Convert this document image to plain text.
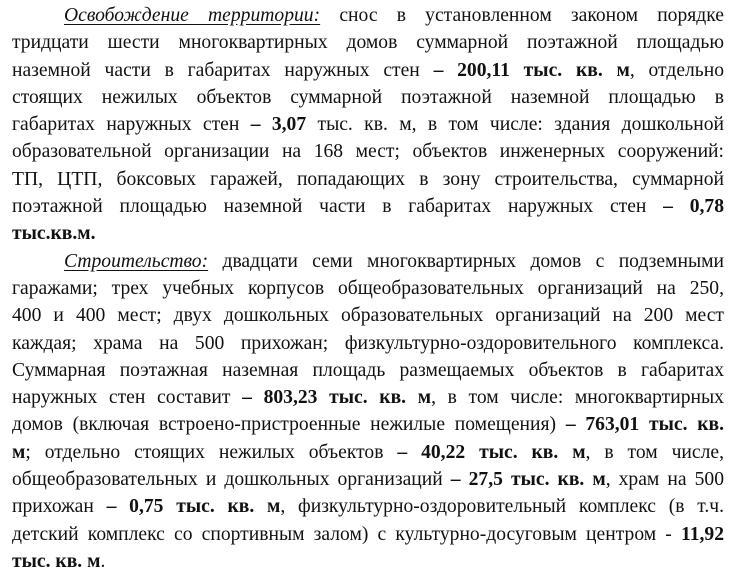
Освобождение территории: снос в установленном законом порядке
тридцати шести многоквартирных домов суммарной поэтажной площадью
наземной части в габаритах наружных стен – 200,11 тыс. кв. м, отдельно
стоящих нежилых объектов суммарной поэтажной наземной площадью в
габаритах наружных стен – 3,07 тыс. кв. м, в том числе: здания дошкольной
образовательной организации на 168 мест; объектов инженерных сооружений:
ТП, ЦТП, боксовых гаражей, попадающих в зону строительства, суммарной
поэтажной площадью наземной части в габаритах наружных стен – 0,78
тыс.кв.м.
Строительство: двадцати семи многоквартирных домов с подземными
гаражами; трех учебных корпусов общеобразовательных организаций на 250,
400 и 400 мест; двух дошкольных образовательных организаций на 200 мест
каждая; храма на 500 прихожан; физкультурно-оздоровительного комплекса.
Суммарная поэтажная наземная площадь размещаемых объектов в габаритах
наружных стен составит – 803,23 тыс. кв. м, в том числе: многоквартирных
домов (включая встроено-пристроенные нежилые помещения) – 763,01 тыс. кв.
м; отдельно стоящих нежилых объектов – 40,22 тыс. кв. м, в том числе,
общеобразовательных и дошкольных организаций – 27,5 тыс. кв. м, храм на 500
прихожан – 0,75 тыс. кв. м, физкультурно-оздоровительный комплекс (в т.ч.
детский комплекс со спортивным залом) с культурно-досуговым центром - 11,92
тыс. кв. м.
